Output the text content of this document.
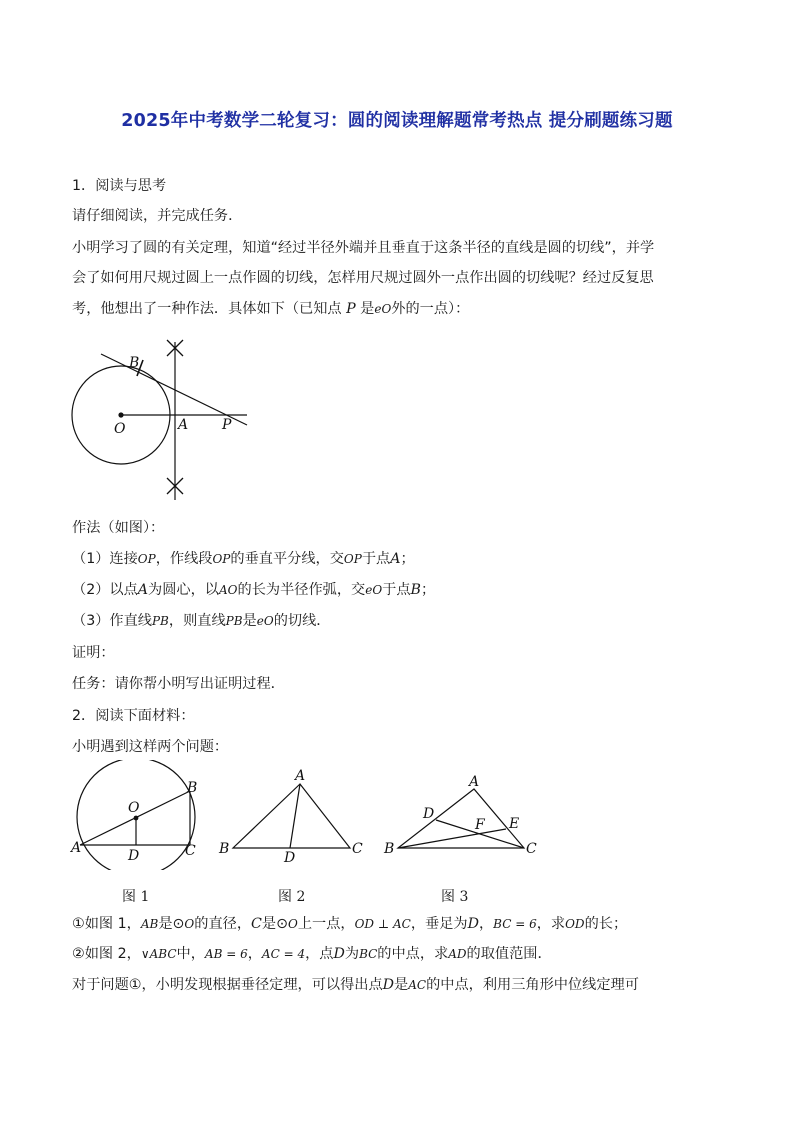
2025年中考数学二轮复习：圆的阅读理解题常考热点 提分刷题练习题
1．阅读与思考
请仔细阅读，并完成任务．
小明学习了圆的有关定理，知道“经过半径外端并且垂直于这条半径的直线是圆的切线”，并学
会了如何用尺规过圆上一点作圆的切线，怎样用尺规过圆外一点作出圆的切线呢？经过反复思
考，他想出了一种作法．具体如下（已知点 P 是eO外的一点）：
B
O	A P
作法（如图）：
（1）连接OP，作线段OP的垂直平分线，交OP于点A；
（2）以点A为圆心，以AO的长为半径作弧，交eO于点B；
（3）作直线PB，则直线PB是eO的切线．
证明：
任务：请你帮小明写出证明过程．
2．阅读下面材料：
小明遇到这样两个问题：
O
B
A	D	C
A
B	C
D
A
D
F E
B	C
图 1	图 2	图 3
①如图 1，AB是⊙O的直径，C是⊙O上一点，OD ⊥ AC，垂足为D，BC = 6，求OD的长；
②如图 2，∨ABC中，AB = 6，AC = 4，点D为BC的中点，求AD的取值范围．
对于问题①，小明发现根据垂径定理，可以得出点D是AC的中点，利用三角形中位线定理可
